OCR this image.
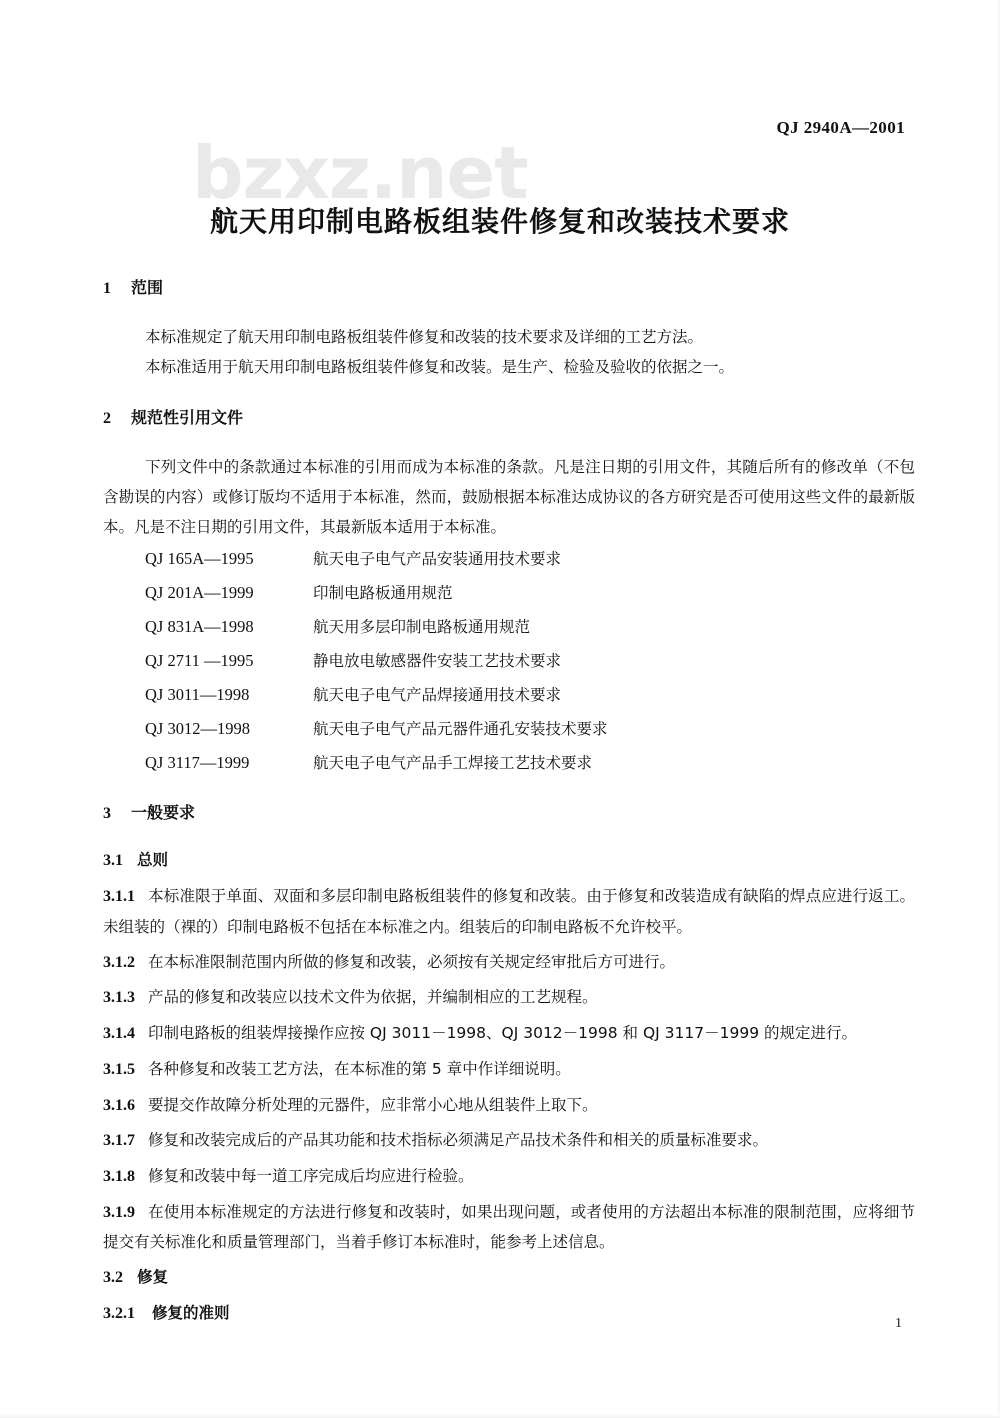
QJ 2940A—2001
bzxz.net
航天用印制电路板组装件修复和改装技术要求
1 范围

本标准规定了航天用印制电路板组装件修复和改装的技术要求及详细的工艺方法。

本标准适用于航天用印制电路板组装件修复和改装。是生产、检验及验收的依据之一。

2 规范性引用文件

下列文件中的条款通过本标准的引用而成为本标准的条款。凡是注日期的引用文件，其随后所有的修改单（不包含勘误的内容）或修订版均不适用于本标准，然而，鼓励根据本标准达成协议的各方研究是否可使用这些文件的最新版本。凡是不注日期的引用文件，其最新版本适用于本标准。

QJ 165A—1995	航天电子电气产品安装通用技术要求
QJ 201A—1999	印制电路板通用规范
QJ 831A—1998	航天用多层印制电路板通用规范
QJ 2711 —1995	静电放电敏感器件安装工艺技术要求
QJ 3011—1998	航天电子电气产品焊接通用技术要求
QJ 3012—1998	航天电子电气产品元器件通孔安装技术要求
QJ 3117—1999	航天电子电气产品手工焊接工艺技术要求
3 一般要求
3.1 总则

3.1.1 本标准限于单面、双面和多层印制电路板组装件的修复和改装。由于修复和改装造成有缺陷的焊点应进行返工。未组装的（裸的）印制电路板不包括在本标准之内。组装后的印制电路板不允许校平。

3.1.2 在本标准限制范围内所做的修复和改装，必须按有关规定经审批后方可进行。

3.1.3 产品的修复和改装应以技术文件为依据，并编制相应的工艺规程。

3.1.4 印制电路板的组装焊接操作应按 QJ 3011－1998、QJ 3012－1998 和 QJ 3117－1999 的规定进行。

3.1.5 各种修复和改装工艺方法，在本标准的第 5 章中作详细说明。

3.1.6 要提交作故障分析处理的元器件，应非常小心地从组装件上取下。

3.1.7 修复和改装完成后的产品其功能和技术指标必须满足产品技术条件和相关的质量标准要求。

3.1.8 修复和改装中每一道工序完成后均应进行检验。

3.1.9 在使用本标准规定的方法进行修复和改装时，如果出现问题，或者使用的方法超出本标准的限制范围，应将细节提交有关标准化和质量管理部门，当着手修订本标准时，能参考上述信息。

3.2 修复
3.2.1 修复的准则
1
